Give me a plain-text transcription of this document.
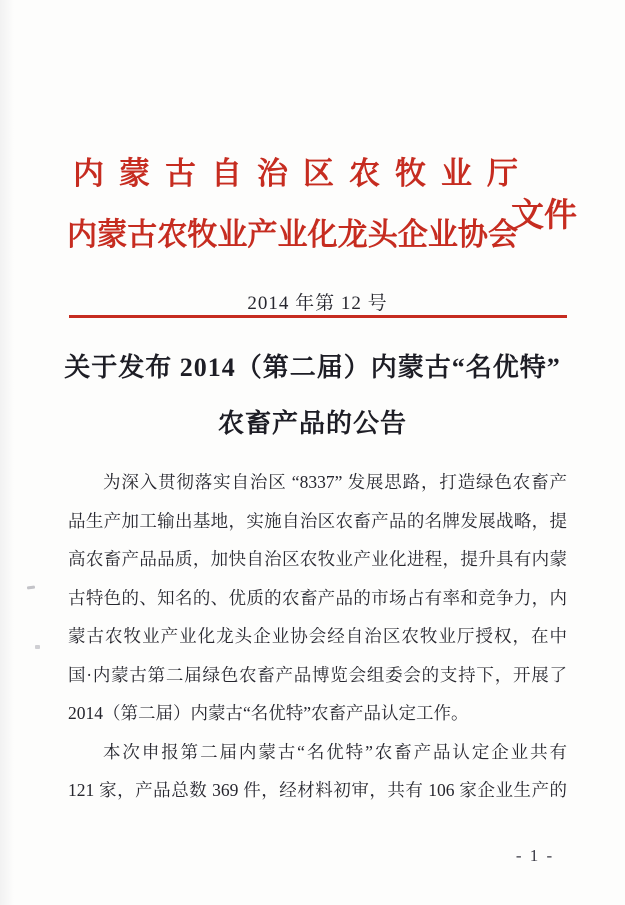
内蒙古自治区农牧业厅
文件
内蒙古农牧业产业化龙头企业协会
2014 年第 12 号
关于发布 2014（第二届）内蒙古“名优特”
农畜产品的公告
为深入贯彻落实自治区 “8337” 发展思路，打造绿色农畜产
品生产加工输出基地，实施自治区农畜产品的名牌发展战略，提
高农畜产品品质，加快自治区农牧业产业化进程，提升具有内蒙
古特色的、知名的、优质的农畜产品的市场占有率和竞争力，内
蒙古农牧业产业化龙头企业协会经自治区农牧业厅授权，在中
国·内蒙古第二届绿色农畜产品博览会组委会的支持下，开展了
2014（第二届）内蒙古“名优特”农畜产品认定工作。
本次申报第二届内蒙古“名优特”农畜产品认定企业共有
121 家，产品总数 369 件，经材料初审，共有 106 家企业生产的
- 1 -
